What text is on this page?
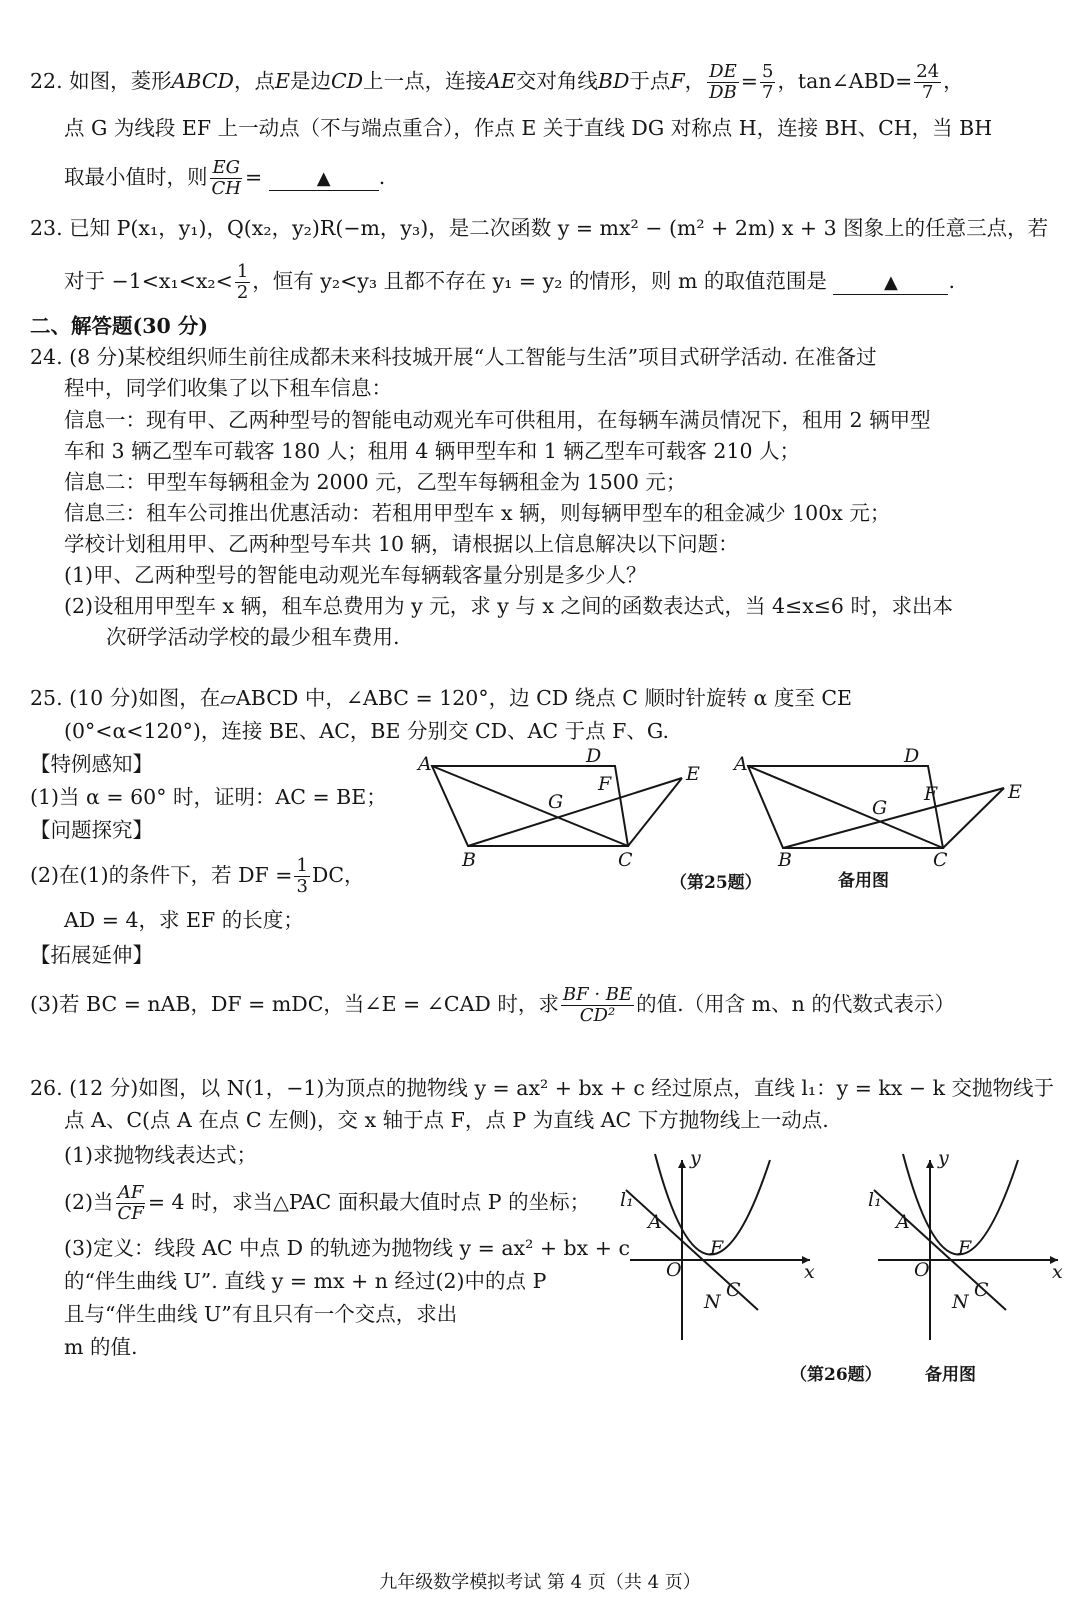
22. 如图，菱形ABCD，点E是边CD上一点，连接AE交对角线BD于点F， $\frac{DE}{DB} = \frac{5}{7}$ ，tan∠ABD= $\frac{24}{7}$ ，
点 G 为线段 EF 上一动点（不与端点重合），作点 E 关于直线 DG 对称点 H，连接 BH、CH，当 BH
取最小值时，则 $\frac{EG}{CH}$ =	▲ .
23. 已知 P(x₁，y₁)，Q(x₂，y₂)R(−m，y₃)，是二次函数 y = mx² − (m² + 2m) x + 3 图象上的任意三点，若
对于 $-1<x_1<x_2< \frac{1}{2}$ ，恒有 y₂<y₃ 且都不存在 y₁ = y₂ 的情形，则 m 的取值范围是	▲ .
二、解答题(30 分)
24. (8 分)某校组织师生前往成都未来科技城开展“人工智能与生活”项目式研学活动. 在准备过
程中，同学们收集了以下租车信息：
信息一：现有甲、乙两种型号的智能电动观光车可供租用，在每辆车满员情况下，租用 2 辆甲型
车和 3 辆乙型车可载客 180 人；租用 4 辆甲型车和 1 辆乙型车可载客 210 人；
信息二：甲型车每辆租金为 2000 元，乙型车每辆租金为 1500 元；
信息三：租车公司推出优惠活动：若租用甲型车 x 辆，则每辆甲型车的租金减少 100x 元；
学校计划租用甲、乙两种型号车共 10 辆，请根据以上信息解决以下问题：
(1)甲、乙两种型号的智能电动观光车每辆载客量分别是多少人？
(2)设租用甲型车 x 辆，租车总费用为 y 元，求 y 与 x 之间的函数表达式，当 4≤x≤6 时，求出本
次研学活动学校的最少租车费用.
25. (10 分)如图，在▱ABCD 中，∠ABC = 120°，边 CD 绕点 C 顺时针旋转 α 度至 CE
(0°<α<120°)，连接 BE、AC，BE 分别交 CD、AC 于点 F、G.
【特例感知】
(1)当 α = 60° 时，证明：AC = BE；
【问题探究】
(2)在(1)的条件下，若 DF = $\frac{1}{3}$ DC，
AD = 4，求 EF 的长度；
【拓展延伸】
(3)若 BC = nAB，DF = mDC，当∠E = ∠CAD 时，求 $\frac{BF \cdot BE}{\text{CD²}}$ 的值.（用含 m、n 的代数式表示）
A	D
E
F
G
B	C
（第25题）
A	D
E
F
G
B	C
备用图
26. (12 分)如图，以 N(1，−1)为顶点的抛物线 y = ax² + bx + c 经过原点，直线 l₁：y = kx − k 交抛物线于
点 A、C(点 A 在点 C 左侧)，交 x 轴于点 F，点 P 为直线 AC 下方抛物线上一动点.
(1)求抛物线表达式；
(2)当 $\frac{AF}{CF} = 4$ 时，求当△PAC 面积最大值时点 P 的坐标；
(3)定义：线段 AC 中点 D 的轨迹为抛物线 y = ax² + bx + c
的“伴生曲线 U”. 直线 y = mx + n 经过(2)中的点 P
且与“伴生曲线 U”有且只有一个交点，求出
m 的值.
y
x
l₁
A
F
O
N
C
（第26题）
y
x
l₁
A
F
O
N
C
备用图
九年级数学模拟考试 第 4 页（共 4 页）
